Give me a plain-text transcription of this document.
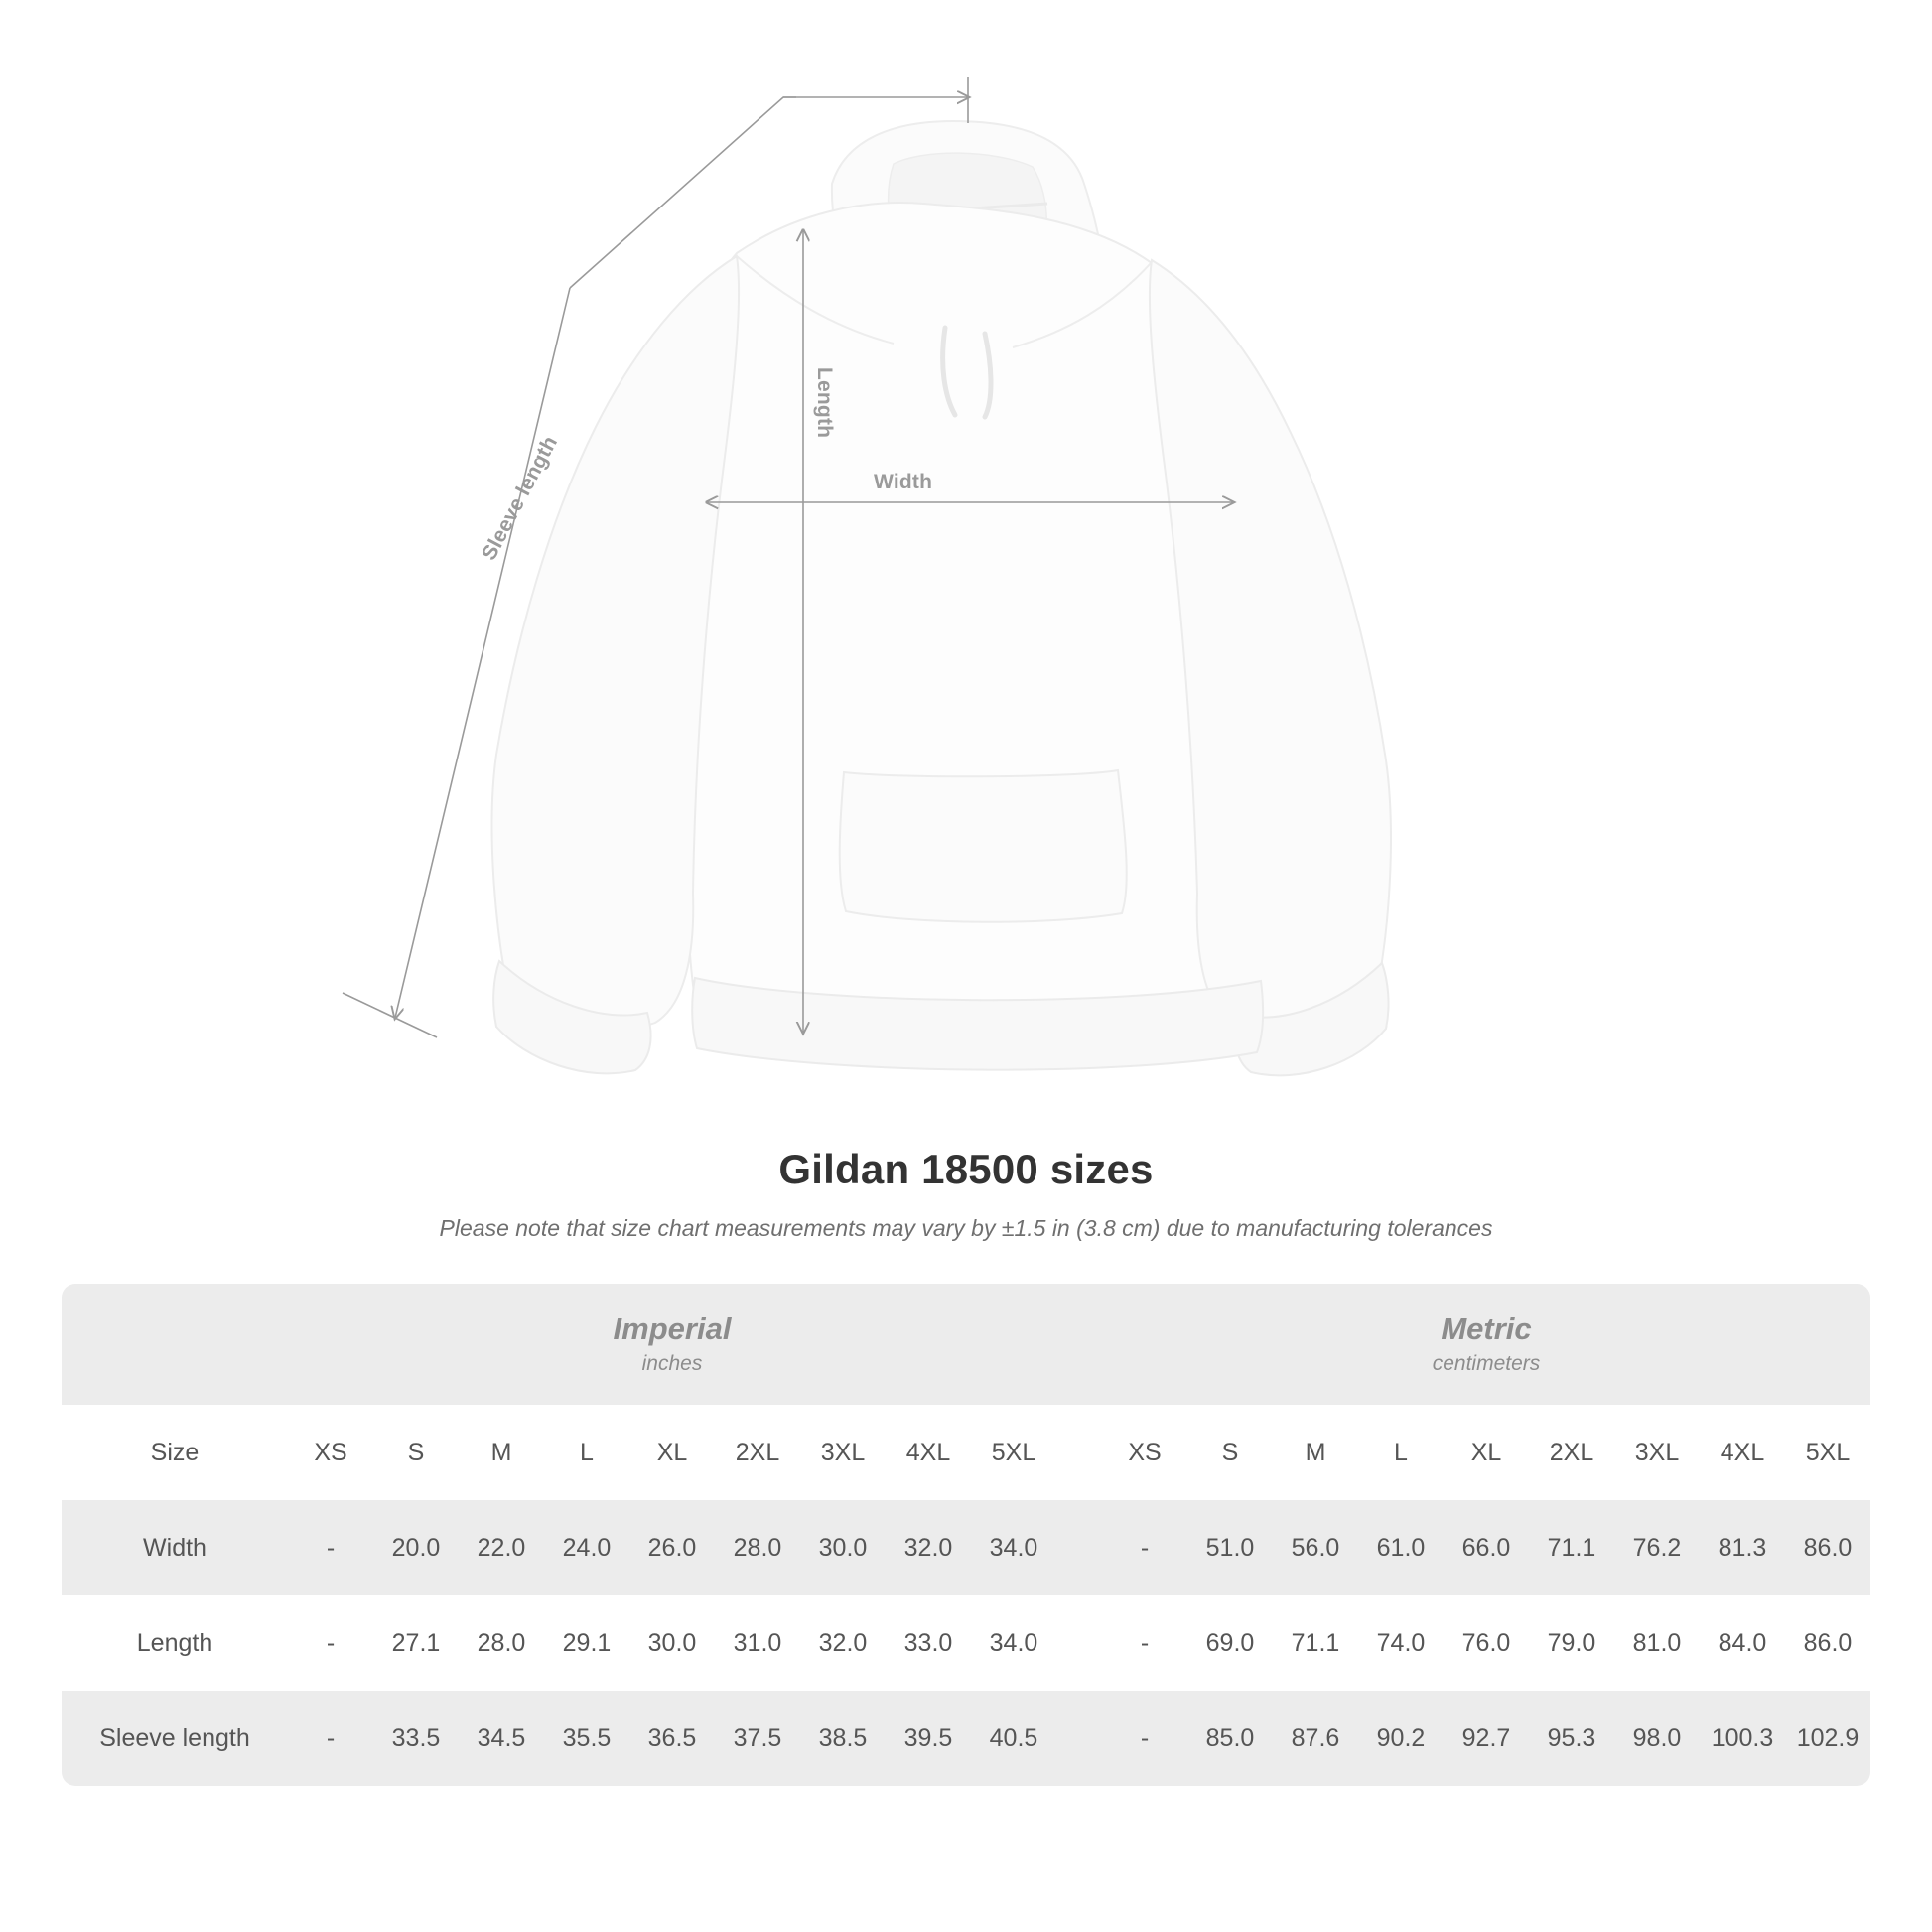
Length
Width
Sleeve length
Gildan 18500 sizes

Please note that size chart measurements may vary by ±1.5 in (3.8 cm) due to manufacturing tolerances

Imperial
inches

Metric
centimeters

Size	XS	S	M	L	XL	2XL	3XL	4XL	5XL		XS	S	M	L	XL	2XL	3XL	4XL	5XL
Width	-	20.0	22.0	24.0	26.0	28.0	30.0	32.0	34.0		-	51.0	56.0	61.0	66.0	71.1	76.2	81.3	86.0
Length	-	27.1	28.0	29.1	30.0	31.0	32.0	33.0	34.0		-	69.0	71.1	74.0	76.0	79.0	81.0	84.0	86.0
Sleeve length	-	33.5	34.5	35.5	36.5	37.5	38.5	39.5	40.5		-	85.0	87.6	90.2	92.7	95.3	98.0	100.3	102.9
